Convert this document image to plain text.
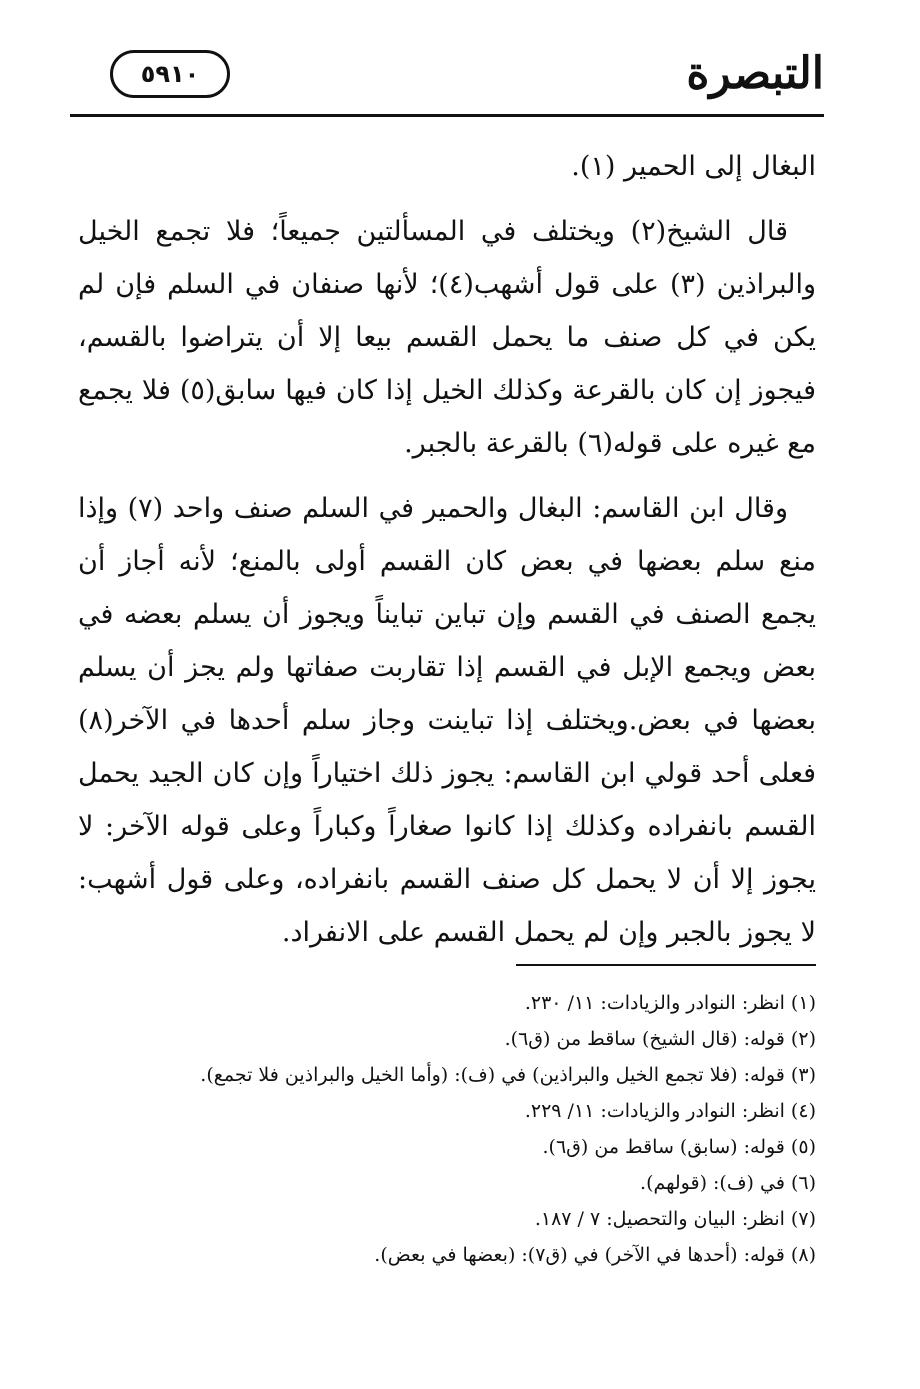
التبصرة
٥٩١٠

البغال إلى الحمير (١).

قال الشيخ(٢) ويختلف في المسألتين جميعاً؛ فلا تجمع الخيل والبراذين (٣) على قول أشهب(٤)؛ لأنها صنفان في السلم فإن لم يكن في كل صنف ما يحمل القسم بيعا إلا أن يتراضوا بالقسم، فيجوز إن كان بالقرعة وكذلك الخيل إذا كان فيها سابق(٥) فلا يجمع مع غيره على قوله(٦) بالقرعة بالجبر.

وقال ابن القاسم: البغال والحمير في السلم صنف واحد (٧) وإذا منع سلم بعضها في بعض كان القسم أولى بالمنع؛ لأنه أجاز أن يجمع الصنف في القسم وإن تباين تبايناً ويجوز أن يسلم بعضه في بعض ويجمع الإبل في القسم إذا تقاربت صفاتها ولم يجز أن يسلم بعضها في بعض.ويختلف إذا تباينت وجاز سلم أحدها في الآخر(٨) فعلى أحد قولي ابن القاسم: يجوز ذلك اختياراً وإن كان الجيد يحمل القسم بانفراده وكذلك إذا كانوا صغاراً وكباراً وعلى قوله الآخر: لا يجوز إلا أن لا يحمل كل صنف القسم بانفراده، وعلى قول أشهب: لا يجوز بالجبر وإن لم يحمل القسم على الانفراد.

(١) انظر: النوادر والزيادات: ١١/ ٢٣٠.

(٢) قوله: (قال الشيخ) ساقط من (ق٦).

(٣) قوله: (فلا تجمع الخيل والبراذين) في (ف): (وأما الخيل والبراذين فلا تجمع).

(٤) انظر: النوادر والزيادات: ١١/ ٢٢٩.

(٥) قوله: (سابق) ساقط من (ق٦).

(٦) في (ف): (قولهم).

(٧) انظر: البيان والتحصيل: ٧ / ١٨٧.

(٨) قوله: (أحدها في الآخر) في (ق٧): (بعضها في بعض).
